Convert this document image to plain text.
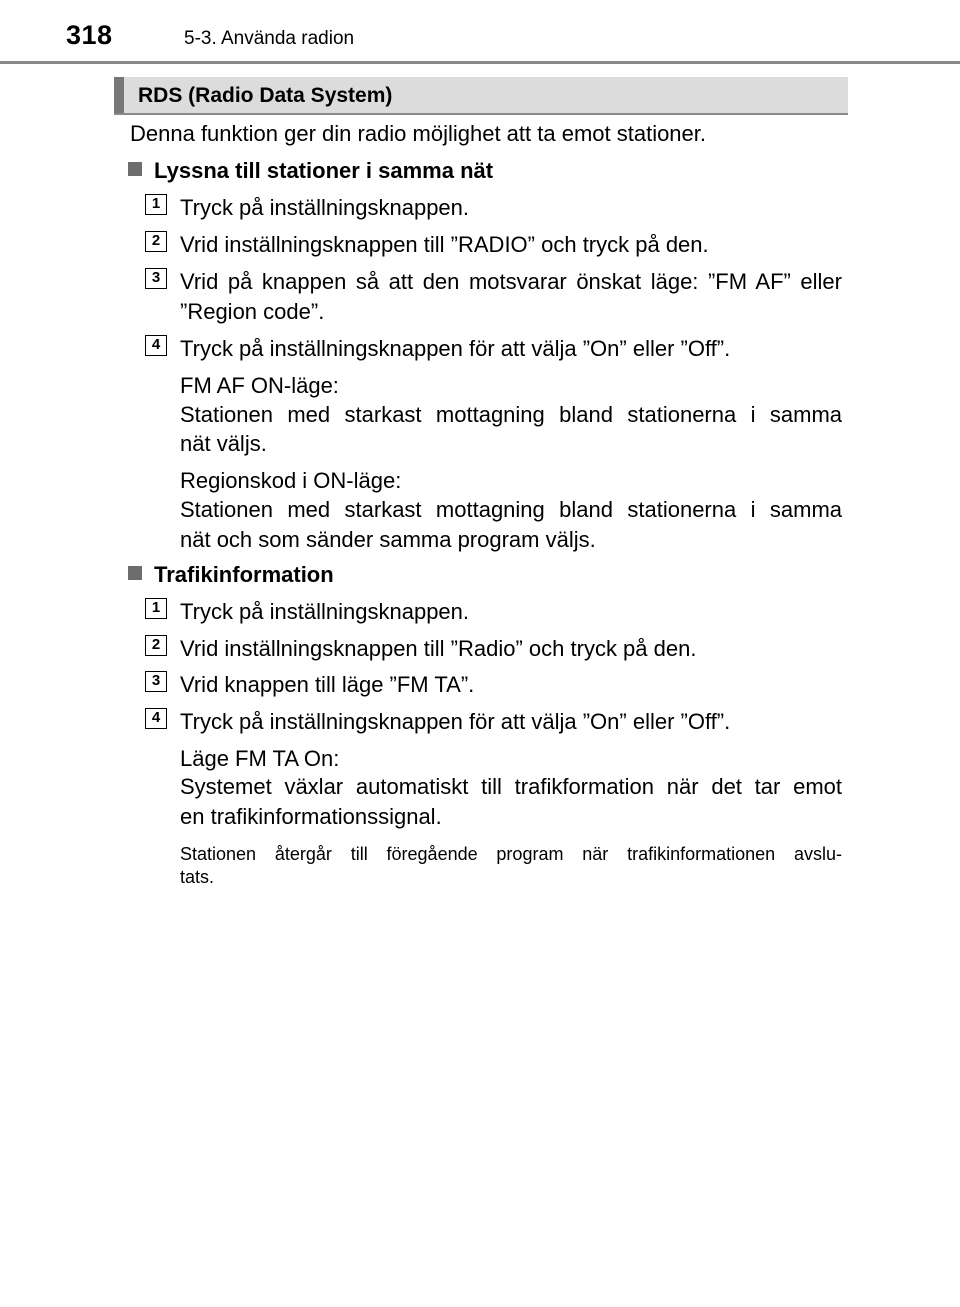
318	5-3. Använda radion
RDS (Radio Data System)
Denna funktion ger din radio möjlighet att ta emot stationer.
Lyssna till stationer i samma nät
1 Tryck på inställningsknappen.
2 Vrid inställningsknappen till ”RADIO” och tryck på den.
3 Vrid på knappen så att den motsvarar önskat läge: ”FM AF” eller
”Region code”.
4 Tryck på inställningsknappen för att välja ”On” eller ”Off”.
FM AF ON-läge:
Stationen med starkast mottagning bland stationerna i samma
nät väljs.
Regionskod i ON-läge:
Stationen med starkast mottagning bland stationerna i samma
nät och som sänder samma program väljs.
Trafikinformation
1 Tryck på inställningsknappen.
2 Vrid inställningsknappen till ”Radio” och tryck på den.
3 Vrid knappen till läge ”FM TA”.
4 Tryck på inställningsknappen för att välja ”On” eller ”Off”.
Läge FM TA On:
Systemet växlar automatiskt till trafikformation när det tar emot
en trafikinformationssignal.
Stationen återgår till föregående program när trafikinformationen avslu-
tats.
